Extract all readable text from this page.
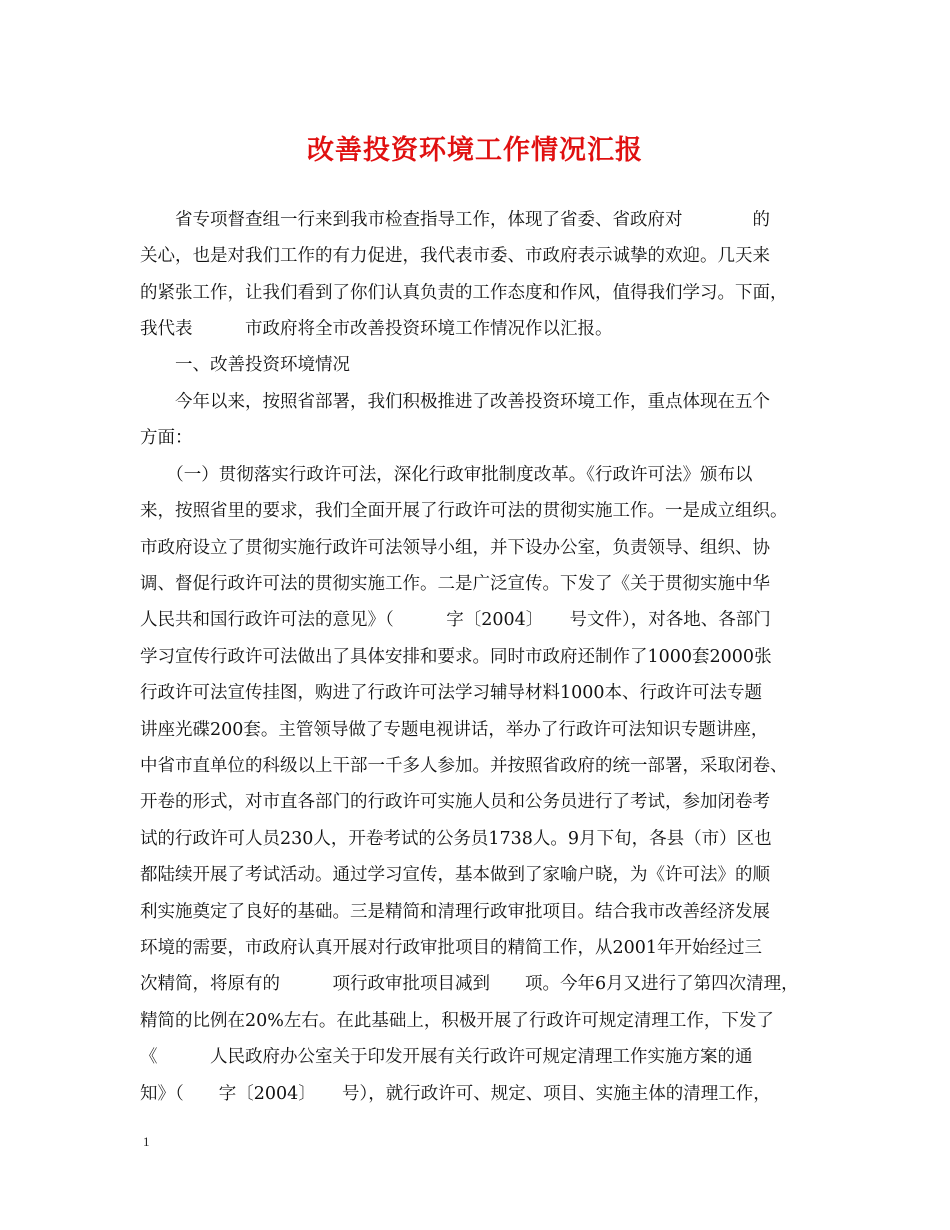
改善投资环境工作情况汇报
　　省专项督查组一行来到我市检查指导工作，体现了省委、省政府对　　　　的
关心，也是对我们工作的有力促进，我代表市委、市政府表示诚挚的欢迎。几天来
的紧张工作，让我们看到了你们认真负责的工作态度和作风，值得我们学习。下面，
我代表　　　市政府将全市改善投资环境工作情况作以汇报。
　　一、改善投资环境情况
　　今年以来，按照省部署，我们积极推进了改善投资环境工作，重点体现在五个
方面：
　　（一）贯彻落实行政许可法，深化行政审批制度改革。《行政许可法》颁布以
来，按照省里的要求，我们全面开展了行政许可法的贯彻实施工作。一是成立组织。
市政府设立了贯彻实施行政许可法领导小组，并下设办公室，负责领导、组织、协
调、督促行政许可法的贯彻实施工作。二是广泛宣传。下发了《关于贯彻实施中华
人民共和国行政许可法的意见》（　　　字〔2004〕　　号文件），对各地、各部门
学习宣传行政许可法做出了具体安排和要求。同时市政府还制作了1000套2000张
行政许可法宣传挂图，购进了行政许可法学习辅导材料1000本、行政许可法专题
讲座光碟200套。主管领导做了专题电视讲话，举办了行政许可法知识专题讲座，
中省市直单位的科级以上干部一千多人参加。并按照省政府的统一部署，采取闭卷、
开卷的形式，对市直各部门的行政许可实施人员和公务员进行了考试，参加闭卷考
试的行政许可人员230人，开卷考试的公务员1738人。9月下旬，各县（市）区也
都陆续开展了考试活动。通过学习宣传，基本做到了家喻户晓，为《许可法》的顺
利实施奠定了良好的基础。三是精简和清理行政审批项目。结合我市改善经济发展
环境的需要，市政府认真开展对行政审批项目的精简工作，从2001年开始经过三
次精简，将原有的　　　项行政审批项目减到　　项。今年6月又进行了第四次清理，
精简的比例在20%左右。在此基础上，积极开展了行政许可规定清理工作，下发了
《　　　人民政府办公室关于印发开展有关行政许可规定清理工作实施方案的通
知》（　　字〔2004〕　　号），就行政许可、规定、项目、实施主体的清理工作，
1
